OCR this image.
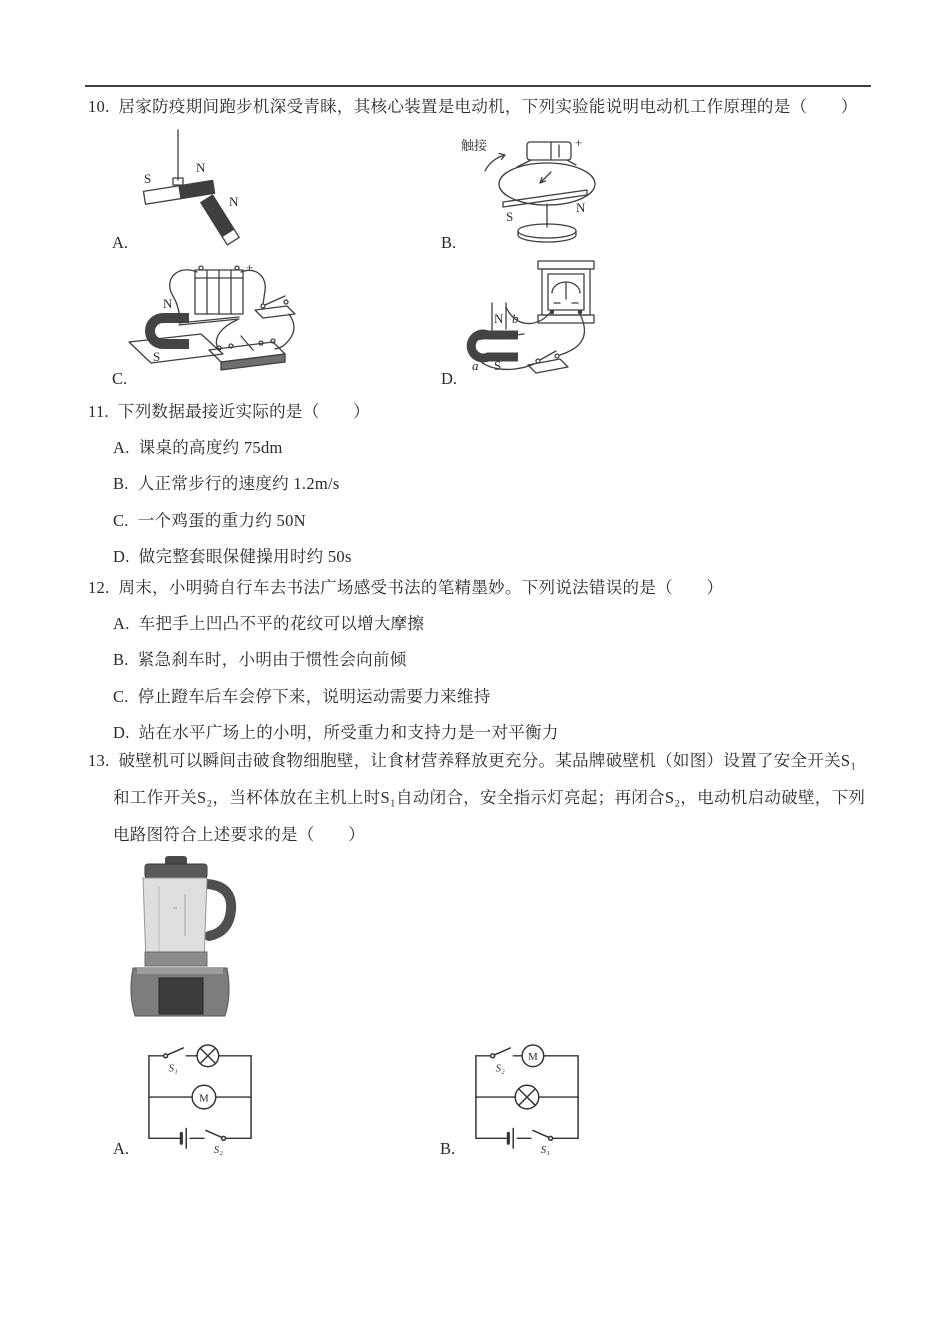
10. 居家防疫期间跑步机深受青睐，其核心装置是电动机，下列实验能说明电动机工作原理的是（　　）
S
N
N
A.
触接	+
S
N
B.
+
N
S
C.
N b
a S
D.
11. 下列数据最接近实际的是（　　）
A. 课桌的高度约 75dm
B. 人正常步行的速度约 1.2m/s
C. 一个鸡蛋的重力约 50N
D. 做完整套眼保健操用时约 50s
12. 周末，小明骑自行车去书法广场感受书法的笔精墨妙。下列说法错误的是（　　）
A. 车把手上凹凸不平的花纹可以增大摩擦
B. 紧急刹车时，小明由于惯性会向前倾
C. 停止蹬车后车会停下来，说明运动需要力来维持
D. 站在水平广场上的小明，所受重力和支持力是一对平衡力
13. 破壁机可以瞬间击破食物细胞壁，让食材营养释放更充分。某品牌破壁机（如图）设置了安全开关S₁
和工作开关S₂，当杯体放在主机上时S₁自动闭合，安全指示灯亮起；再闭合S₂，电动机启动破壁，下列
电路图符合上述要求的是（　　）
M
S₁
S₂
A.
M
S₂
S₁
B.
